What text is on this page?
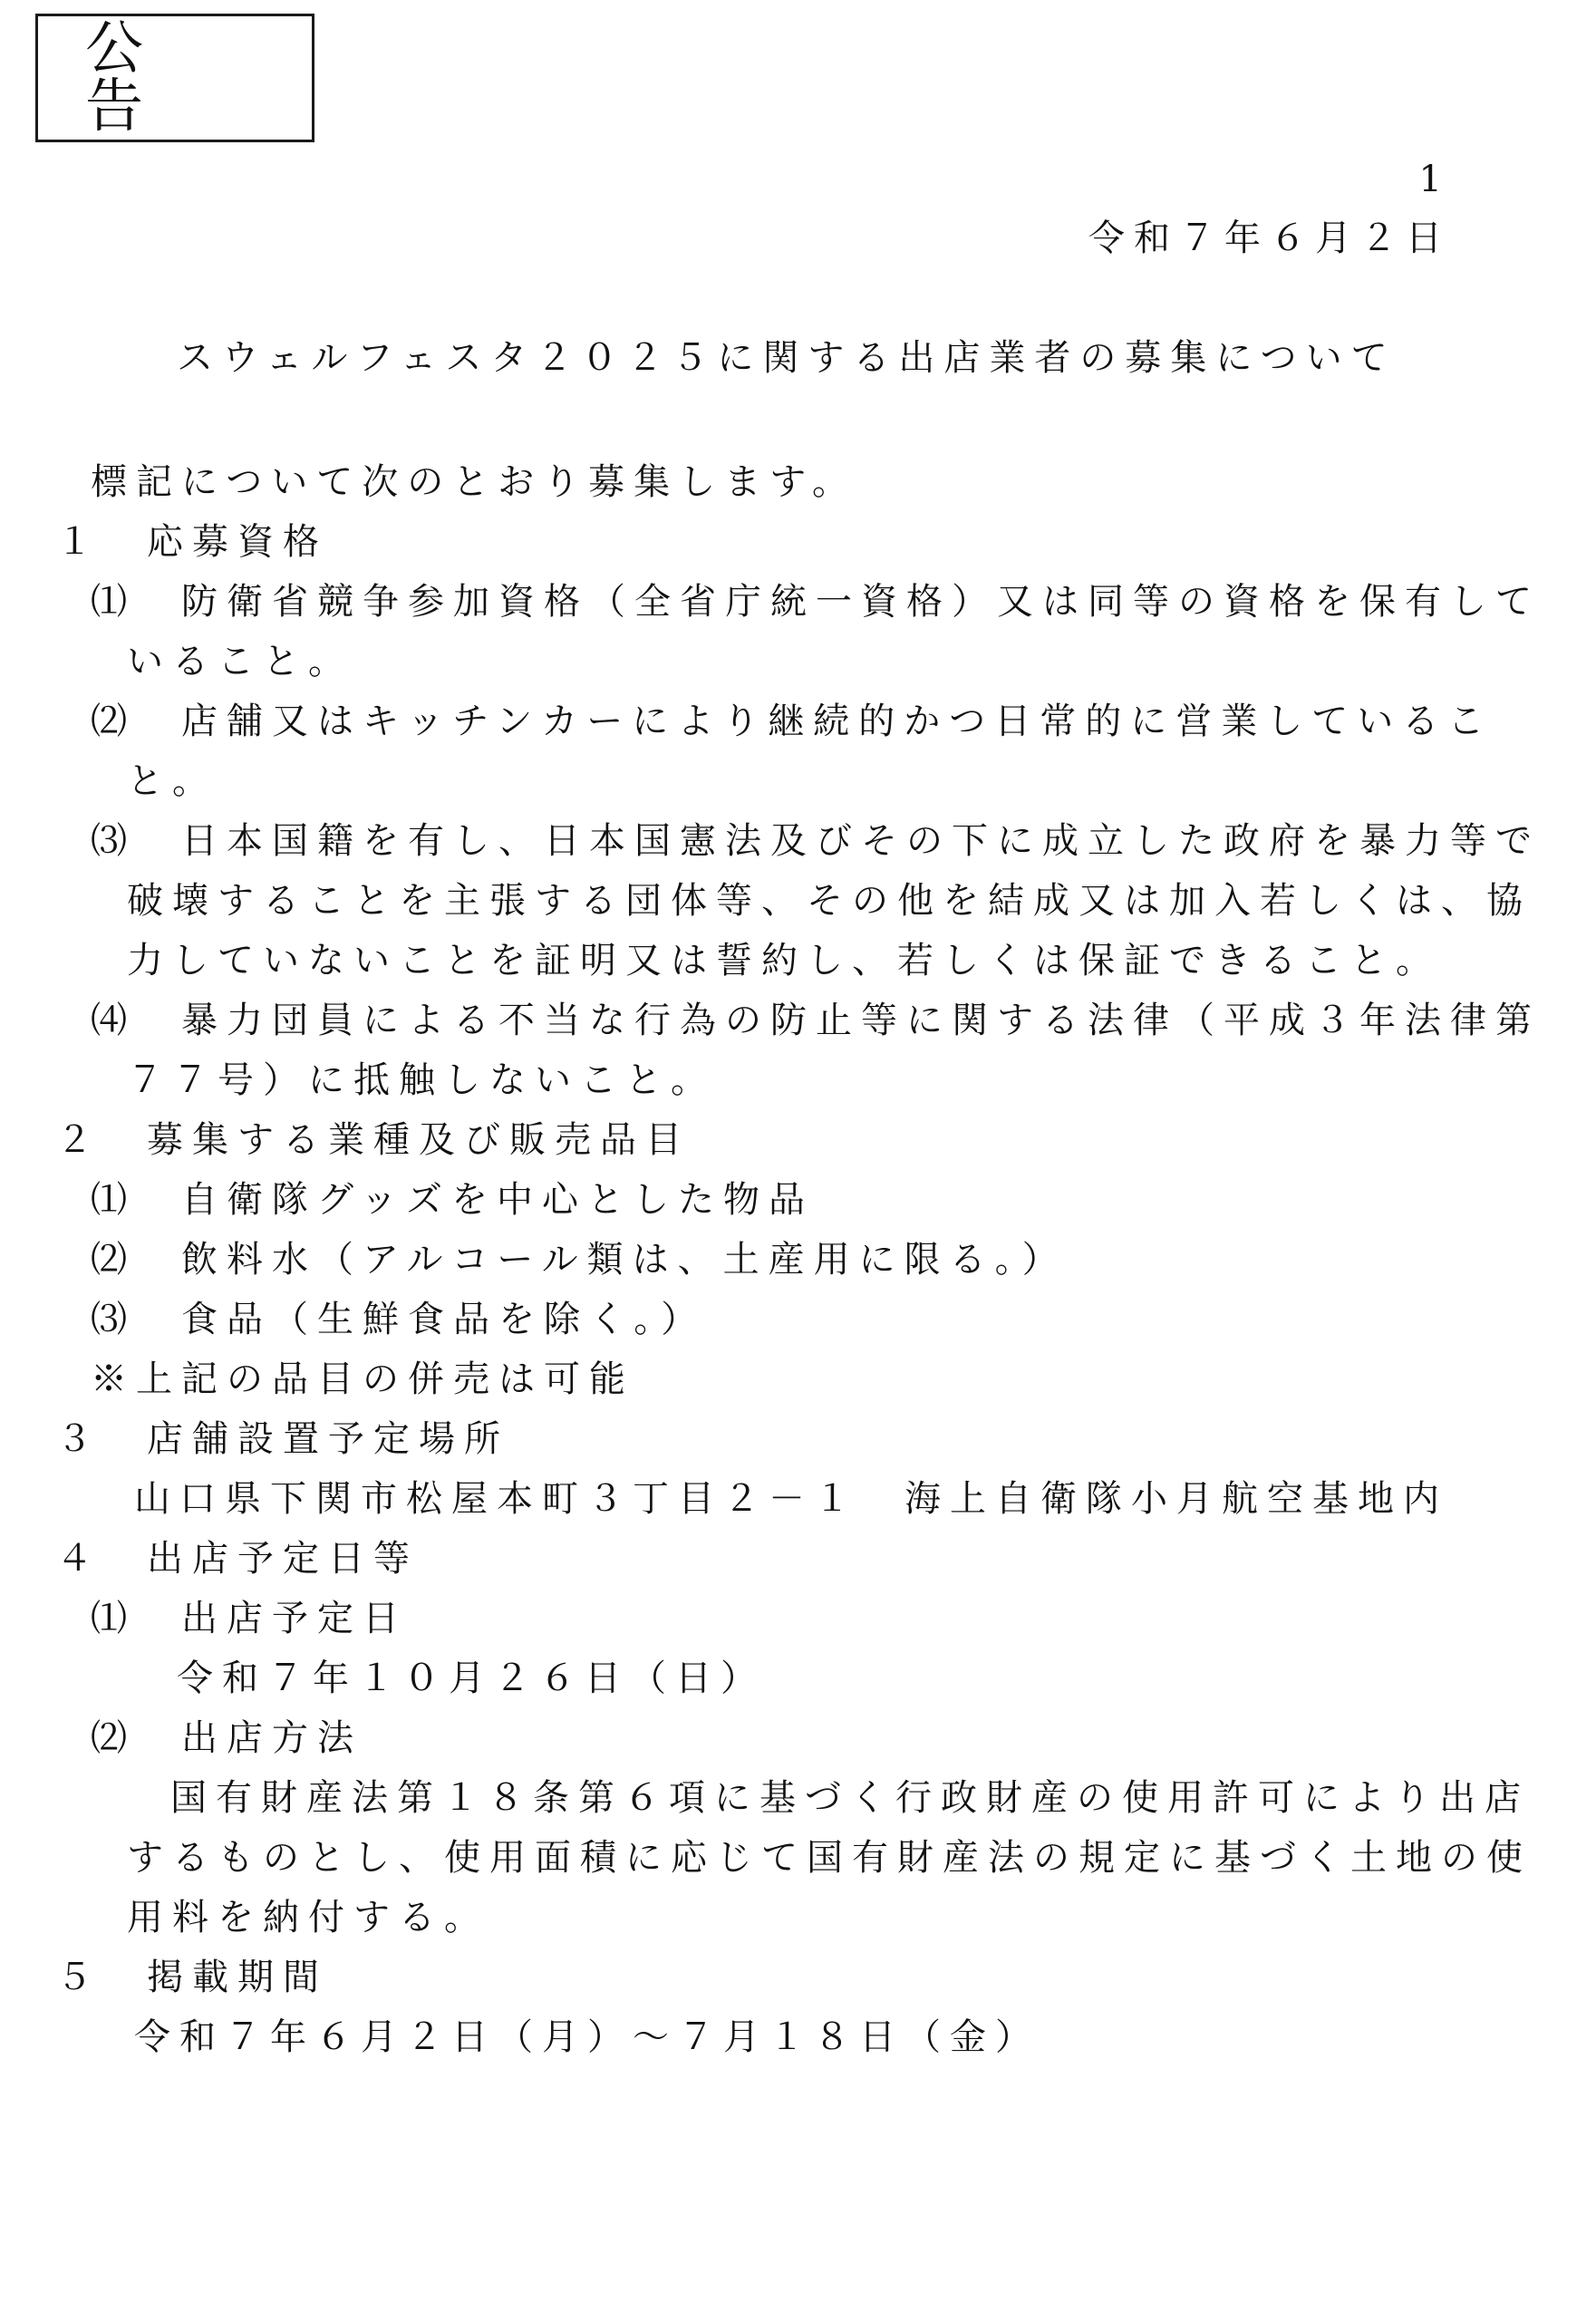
公　告
1
令和７年６月２日
スウェルフェスタ２０２５に関する出店業者の募集について
標記について次のとおり募集します。
１　応募資格
⑴　防衛省競争参加資格（全省庁統一資格）又は同等の資格を保有して
いること。
⑵　店舗又はキッチンカーにより継続的かつ日常的に営業しているこ
と。
⑶　日本国籍を有し、日本国憲法及びその下に成立した政府を暴力等で
破壊することを主張する団体等、その他を結成又は加入若しくは、協
力していないことを証明又は誓約し、若しくは保証できること。
⑷　暴力団員による不当な行為の防止等に関する法律（平成３年法律第
７７号）に抵触しないこと。
２　募集する業種及び販売品目
⑴　自衛隊グッズを中心とした物品
⑵　飲料水（アルコール類は、土産用に限る。）
⑶　食品（生鮮食品を除く。）
※上記の品目の併売は可能
３　店舗設置予定場所
山口県下関市松屋本町３丁目２－１　海上自衛隊小月航空基地内
４　出店予定日等
⑴　出店予定日
令和７年１０月２６日（日）
⑵　出店方法
国有財産法第１８条第６項に基づく行政財産の使用許可により出店
するものとし、使用面積に応じて国有財産法の規定に基づく土地の使
用料を納付する。
５　掲載期間
令和７年６月２日（月）～７月１８日（金）
